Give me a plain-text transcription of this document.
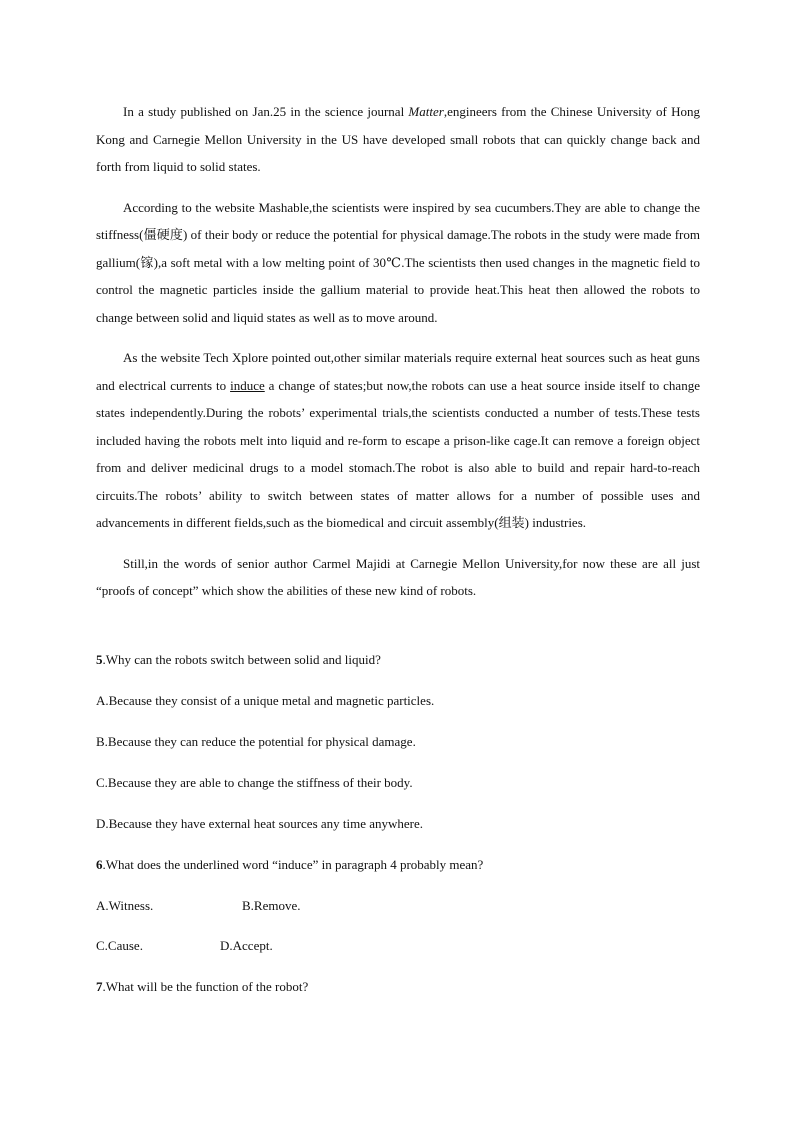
In a study published on Jan.25 in the science journal Matter,engineers from the Chinese University of Hong Kong and Carnegie Mellon University in the US have developed small robots that can quickly change back and forth from liquid to solid states.

According to the website Mashable,the scientists were inspired by sea cucumbers.They are able to change the stiffness(僵硬度) of their body or reduce the potential for physical damage.The robots in the study were made from gallium(镓),a soft metal with a low melting point of 30℃.The scientists then used changes in the magnetic field to control the magnetic particles inside the gallium material to provide heat.This heat then allowed the robots to change between solid and liquid states as well as to move around.

As the website Tech Xplore pointed out,other similar materials require external heat sources such as heat guns and electrical currents to induce a change of states;but now,the robots can use a heat source inside itself to change states independently.During the robots’ experimental trials,the scientists conducted a number of tests.These tests included having the robots melt into liquid and re-form to escape a prison-like cage.It can remove a foreign object from and deliver medicinal drugs to a model stomach.The robot is also able to build and repair hard-to-reach circuits.The robots’ ability to switch between states of matter allows for a number of possible uses and advancements in different fields,such as the biomedical and circuit assembly(组装) industries.

Still,in the words of senior author Carmel Majidi at Carnegie Mellon University,for now these are all just “proofs of concept” which show the abilities of these new kind of robots.

5.Why can the robots switch between solid and liquid?

A.Because they consist of a unique metal and magnetic particles.

B.Because they can reduce the potential for physical damage.

C.Because they are able to change the stiffness of their body.

D.Because they have external heat sources any time anywhere.

6.What does the underlined word “induce” in paragraph 4 probably mean?

A.Witness.	B.Remove.

C.Cause.	D.Accept.

7.What will be the function of the robot?
